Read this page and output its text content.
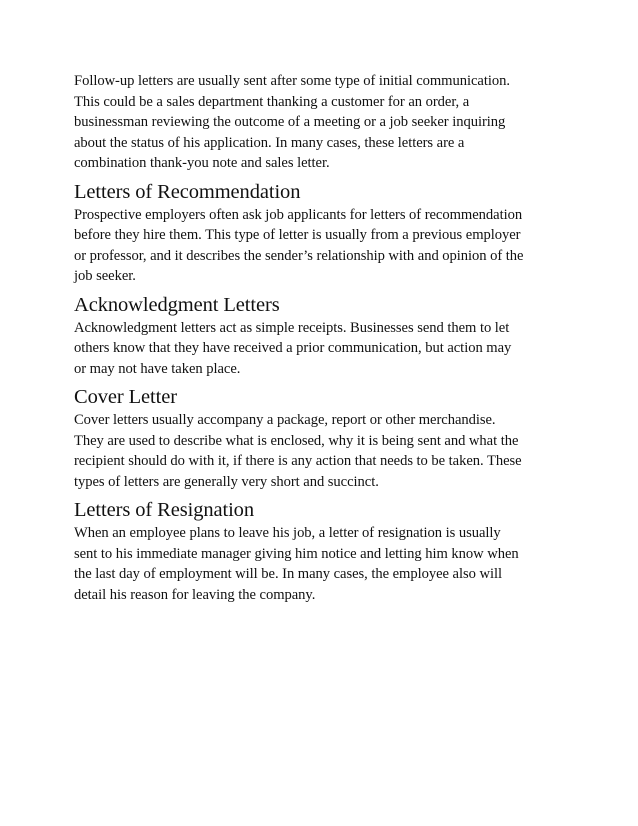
Follow-up letters are usually sent after some type of initial communication.
This could be a sales department thanking a customer for an order, a
businessman reviewing the outcome of a meeting or a job seeker inquiring
about the status of his application. In many cases, these letters are a
combination thank-you note and sales letter.

Letters of Recommendation

Prospective employers often ask job applicants for letters of recommendation
before they hire them. This type of letter is usually from a previous employer
or professor, and it describes the sender’s relationship with and opinion of the
job seeker.

Acknowledgment Letters

Acknowledgment letters act as simple receipts. Businesses send them to let
others know that they have received a prior communication, but action may
or may not have taken place.

Cover Letter

Cover letters usually accompany a package, report or other merchandise.
They are used to describe what is enclosed, why it is being sent and what the
recipient should do with it, if there is any action that needs to be taken. These
types of letters are generally very short and succinct.

Letters of Resignation

When an employee plans to leave his job, a letter of resignation is usually
sent to his immediate manager giving him notice and letting him know when
the last day of employment will be. In many cases, the employee also will
detail his reason for leaving the company.
